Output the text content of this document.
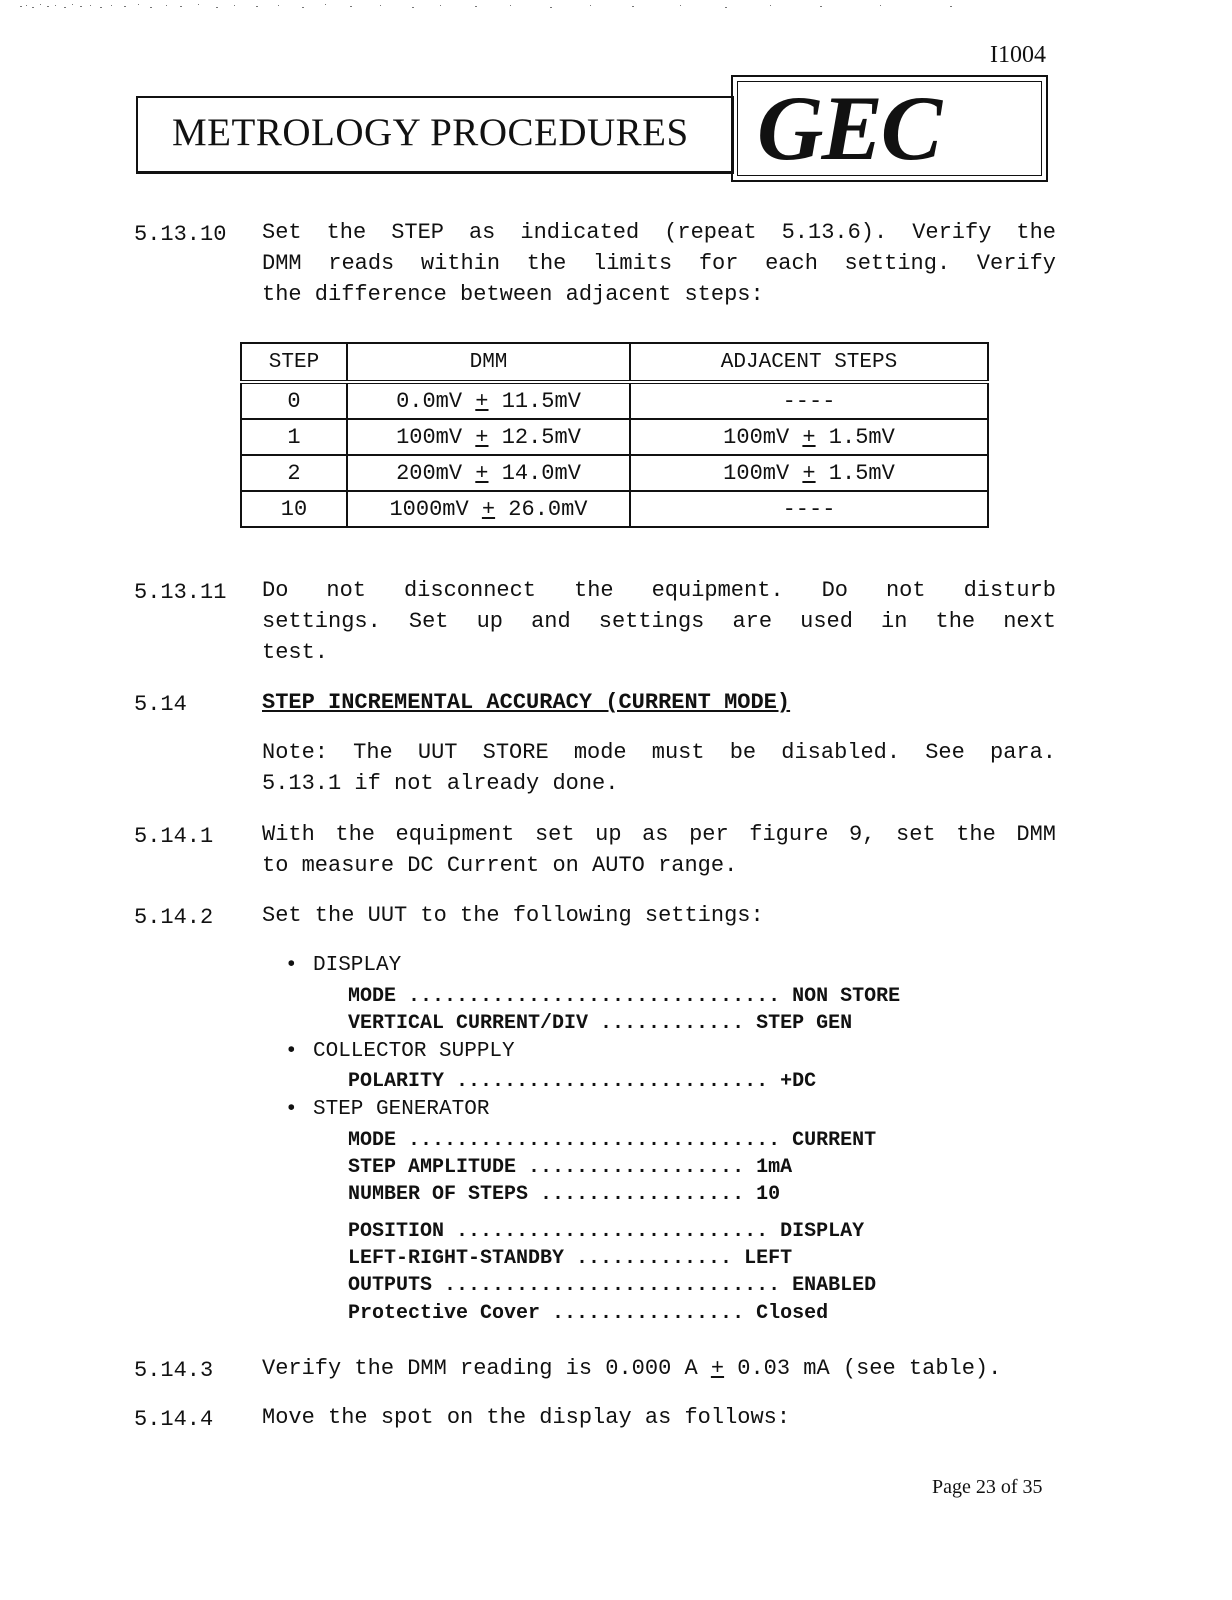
I1004
METROLOGY PROCEDURES GEC
5.13.10 Set the STEP as indicated (repeat 5.13.6). Verify the
DMM reads within the limits for each setting. Verify
the difference between adjacent steps:
STEP	DMM	ADJACENT STEPS
0	0.0mV + 11.5mV	----
1	100mV + 12.5mV	100mV + 1.5mV
2	200mV + 14.0mV	100mV + 1.5mV
10	1000mV + 26.0mV	----
5.13.11 Do not disconnect the equipment. Do not disturb
settings. Set up and settings are used in the next
test.
5.14	STEP INCREMENTAL ACCURACY (CURRENT MODE)
Note: The UUT STORE mode must be disabled. See para.
5.13.1 if not already done.
5.14.1 With the equipment set up as per figure 9, set the DMM
to measure DC Current on AUTO range.
5.14.2 Set the UUT to the following settings:
• DISPLAY
MODE ............................... NON STORE
VERTICAL CURRENT/DIV ............ STEP GEN
• COLLECTOR SUPPLY
POLARITY .......................... +DC
• STEP GENERATOR
MODE ............................... CURRENT
STEP AMPLITUDE .................. 1mA
NUMBER OF STEPS ................. 10
POSITION .......................... DISPLAY
LEFT-RIGHT-STANDBY ............. LEFT
OUTPUTS ............................ ENABLED
Protective Cover ................ Closed
5.14.3 Verify the DMM reading is 0.000 A + 0.03 mA (see table).
5.14.4 Move the spot on the display as follows:
Page 23 of 35
